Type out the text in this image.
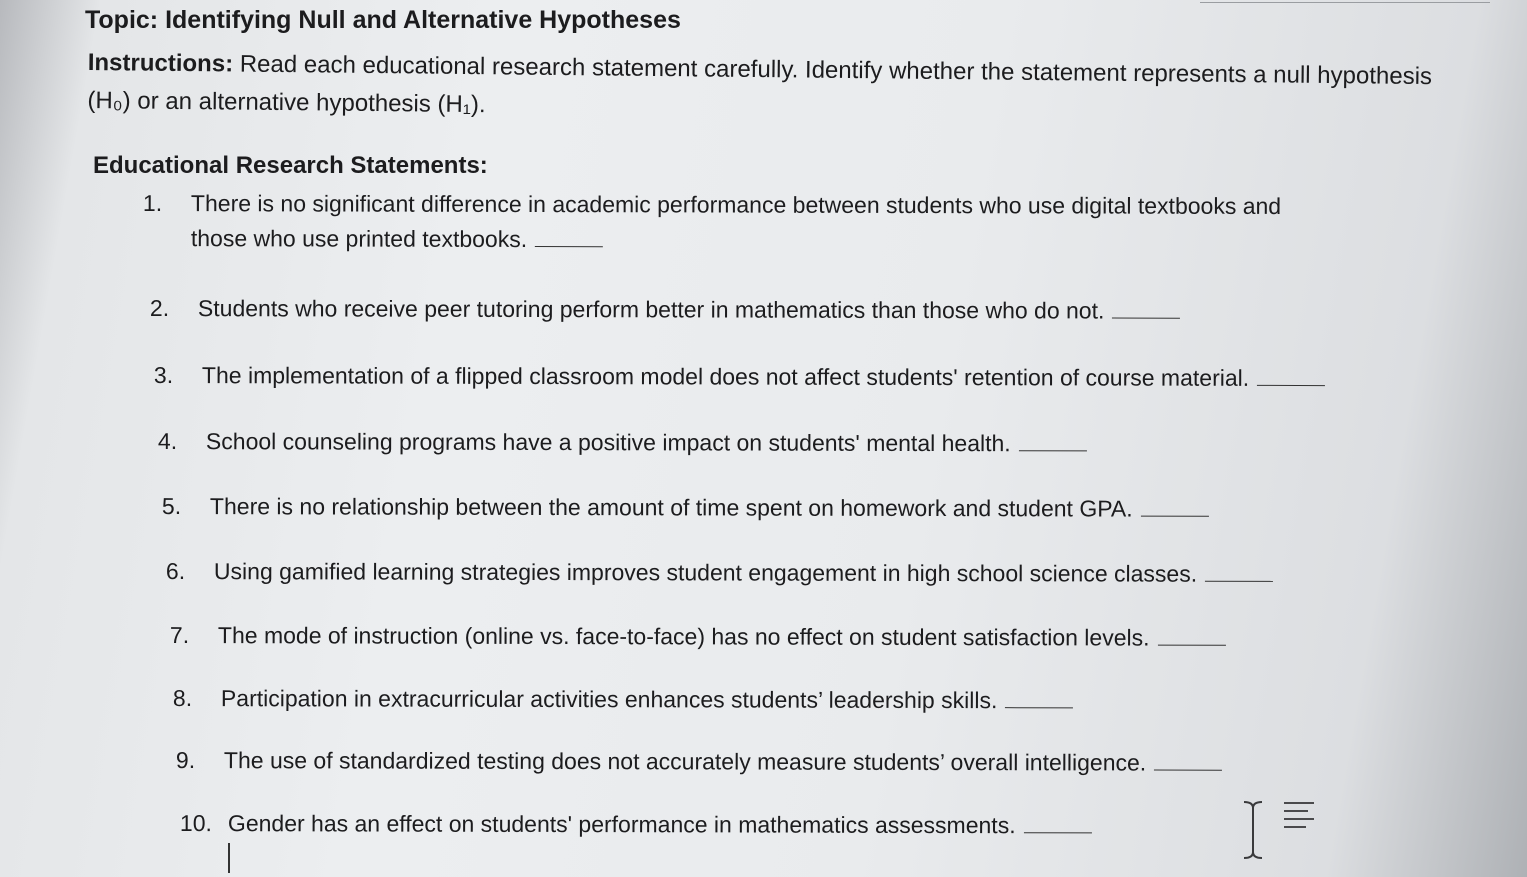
Topic: Identifying Null and Alternative Hypotheses
Instructions: Read each educational research statement carefully. Identify whether the statement represents a null hypothesis (H₀) or an alternative hypothesis (H₁).
Educational Research Statements:
1. There is no significant difference in academic performance between students who use digital textbooks and
those who use printed textbooks.
2. Students who receive peer tutoring perform better in mathematics than those who do not.
3. The implementation of a flipped classroom model does not affect students' retention of course material.
4. School counseling programs have a positive impact on students' mental health.
5. There is no relationship between the amount of time spent on homework and student GPA.
6. Using gamified learning strategies improves student engagement in high school science classes.
7. The mode of instruction (online vs. face-to-face) has no effect on student satisfaction levels.
8. Participation in extracurricular activities enhances students’ leadership skills.
9. The use of standardized testing does not accurately measure students’ overall intelligence.
10. Gender has an effect on students' performance in mathematics assessments.
